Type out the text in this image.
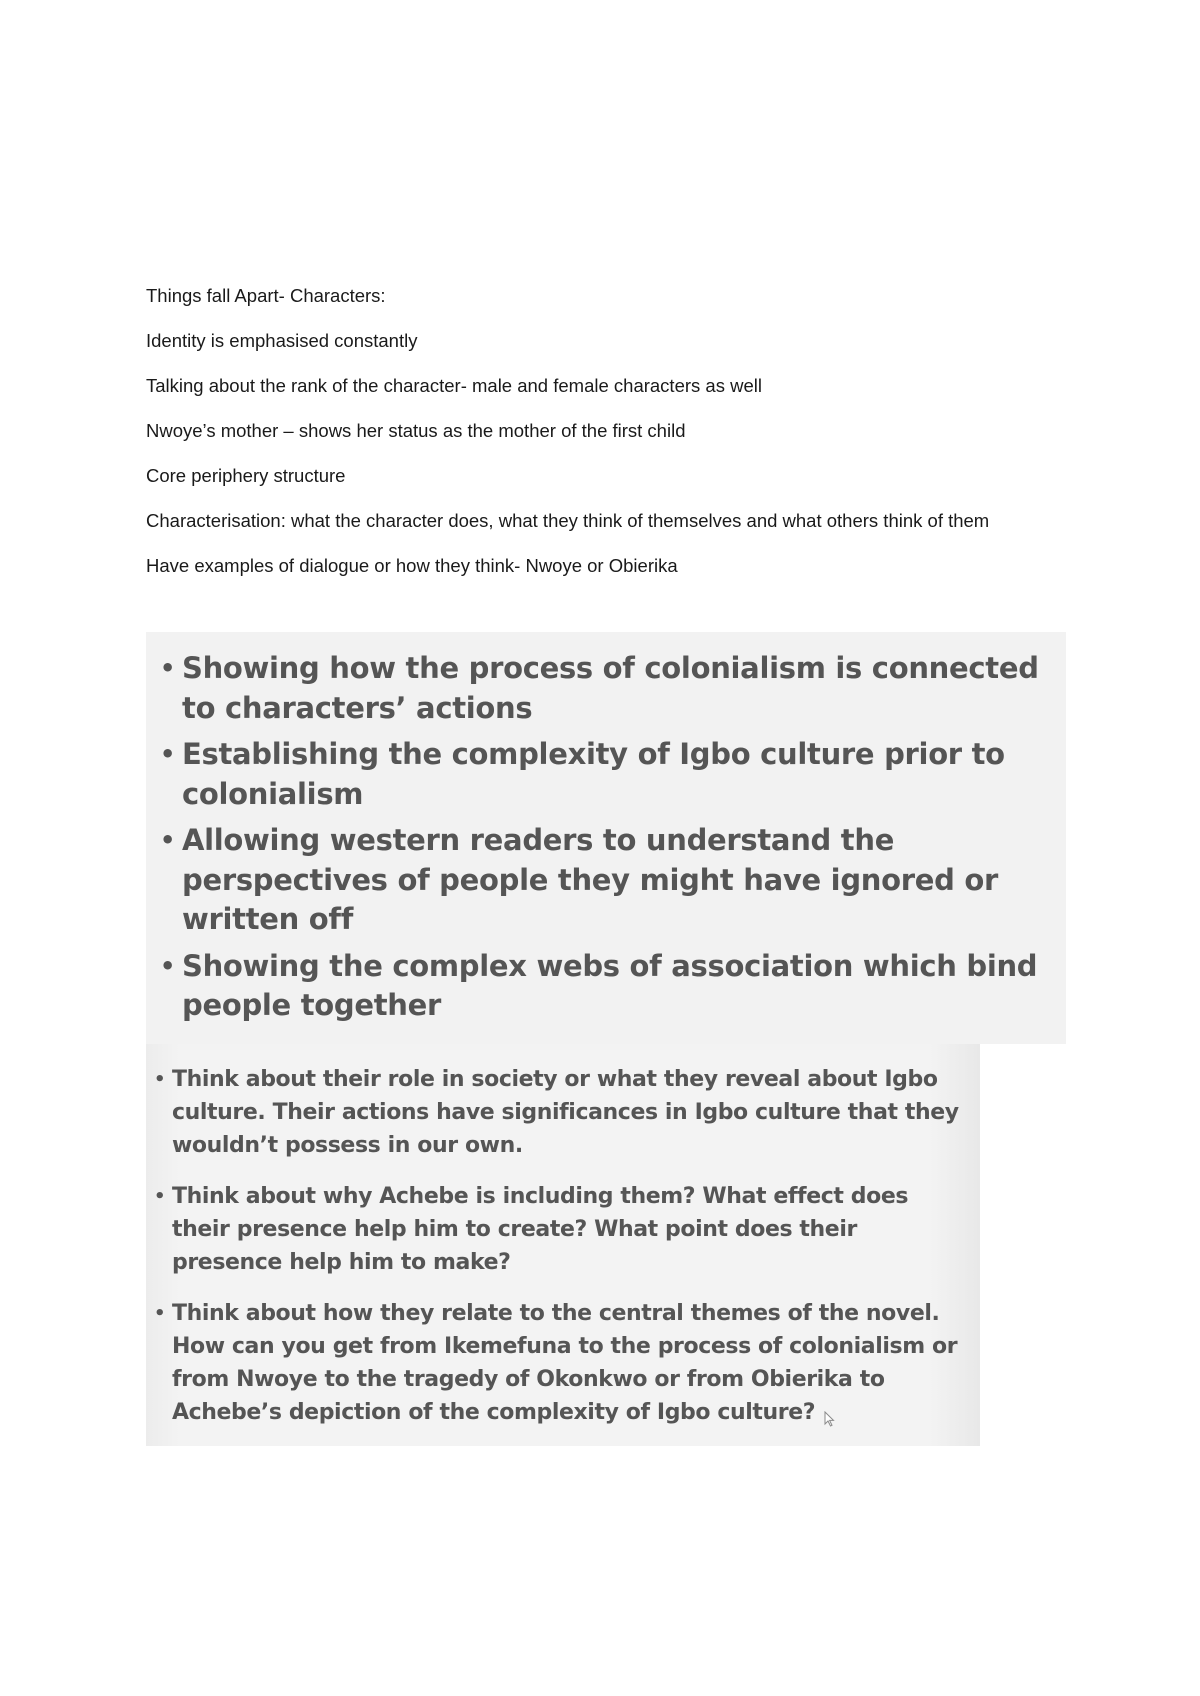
Things fall Apart- Characters:

Identity is emphasised constantly

Talking about the rank of the character- male and female characters as well

Nwoye’s mother – shows her status as the mother of the first child

Core periphery structure

Characterisation: what the character does, what they think of themselves and what others think of them

Have examples of dialogue or how they think- Nwoye or Obierika

• Showing how the process of colonialism is connected to characters’ actions
• Establishing the complexity of Igbo culture prior to colonialism
• Allowing western readers to understand the perspectives of people they might have ignored or written off
• Showing the complex webs of association which bind people together
• Think about their role in society or what they reveal about Igbo culture. Their actions have significances in Igbo culture that they wouldn’t possess in our own.
• Think about why Achebe is including them? What effect does their presence help him to create? What point does their presence help him to make?
• Think about how they relate to the central themes of the novel. How can you get from Ikemefuna to the process of colonialism or from Nwoye to the tragedy of Okonkwo or from Obierika to Achebe’s depiction of the complexity of Igbo culture?
